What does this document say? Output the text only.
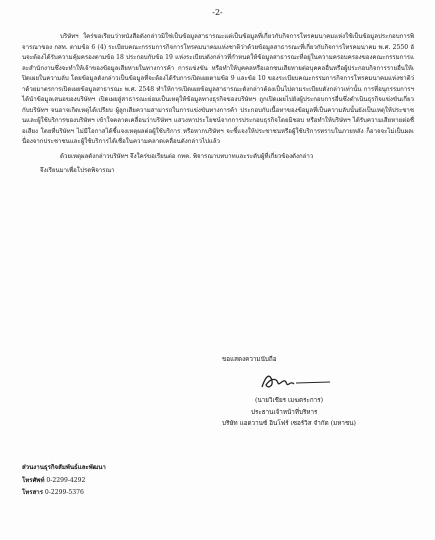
-2-

บริษัทฯ ใคร่ขอเรียนว่าหนังสือดังกล่าวมิใช่เป็นข้อมูลสาธารณะแต่เป็นข้อมูลที่เกี่ยวกับกิจการโทรคมนาคมแห่งใช้เป็นข้อมูลประกอบการพิจารณาของ กสท. ตามข้อ 6 (4) ระเบียบคณะกรรมการกิจการโทรคมนาคมแห่งชาติว่าด้วยข้อมูลสาธารณะที่เกี่ยวกับกิจการโทรคมนาคม พ.ศ. 2550 อันจะต้องได้รับความคุ้มครองตามข้อ 18 ประกอบกับข้อ 19 แห่งระเบียบดังกล่าวที่กำหนดให้ข้อมูลสาธารณะที่อยู่ในความครอบครองของคณะกรรมการและสำนักงานซึ่งจะทำให้เจ้าของข้อมูลเสียหายในทางการค้า การแข่งขัน หรือทำให้บุคคลหรือเอกชนเสียหายต่อบุคคลอื่นหรือผู้ประกอบกิจการรายอื่นให้เปิดเผยในความลับ โดยข้อมูลดังกล่าวเป็นข้อมูลที่จะต้องได้รับการเปิดเผยตามข้อ 9 และข้อ 10 ของระเบียบคณะกรรมการกิจการโทรคมนาคมแห่งชาติว่าด้วยมาตรการเปิดเผยข้อมูลสาธารณะ พ.ศ. 2548 ทำให้การเปิดเผยข้อมูลสาธารณะดังกล่าวต้องเป็นไปตามระเบียบดังกล่าวเท่านั้น การที่อนุกรรมการฯ ได้นำข้อมูลเสนอของบริษัทฯ เปิดเผยสู่สาธารณะย่อมเป็นเหตุให้ข้อมูลทางธุรกิจของบริษัทฯ ถูกเปิดเผยไปยังผู้ประกอบการอื่นซึ่งดำเนินธุรกิจแข่งขันเกี่ยวกับบริษัทฯ จนอาจเกิดเหตุได้เปรียบ ผู้ลูกเสียความสามารถในการแข่งขันทางการค้า ประกอบกับเนื้อหาของข้อมูลที่เป็นความลับนั้นยังเป็นเหตุให้ประชาชนและผู้ใช้บริการของบริษัทฯ เข้าใจคลาดเคลื่อนว่าบริษัทฯ แสวงหาประโยชน์จากการประกอบธุรกิจโดยมิชอบ หรือทำให้บริษัทฯ ได้รับความเสียหายต่อชื่อเสียง โดยที่บริษัทฯ ไม่มีโอกาสได้ชี้แจงเหตุผลต่อผู้ใช้บริการ หรือหากบริษัทฯ จะชี้แจงให้ประชาชนหรือผู้ใช้บริการทราบในภายหลัง ก็อาจจะไม่เป็นผลเนื่องจากประชาชนและผู้ใช้บริการได้เชื่อในความคลาดเคลื่อนดังกล่าวไปแล้ว

ด้วยเหตุผลดังกล่าวบริษัทฯ จึงใคร่ขอเรียนต่อ กทค. พิจารณาบทบาทและระดับผู้ที่เกี่ยวข้องดังกล่าว

จึงเรียนมาเพื่อโปรดพิจารณา

ขอแสดงความนับถือ
(นายวิเชียร เมฆตระการ)
ประธานเจ้าหน้าที่บริหาร
บริษัท แอดวานซ์ อินโฟร์ เซอร์วิส จำกัด (มหาชน)
ส่วนงานธุรกิจสัมพันธ์และพัฒนา
โทรศัพท์ 0-2299-4292
โทรสาร 0-2299-5376
